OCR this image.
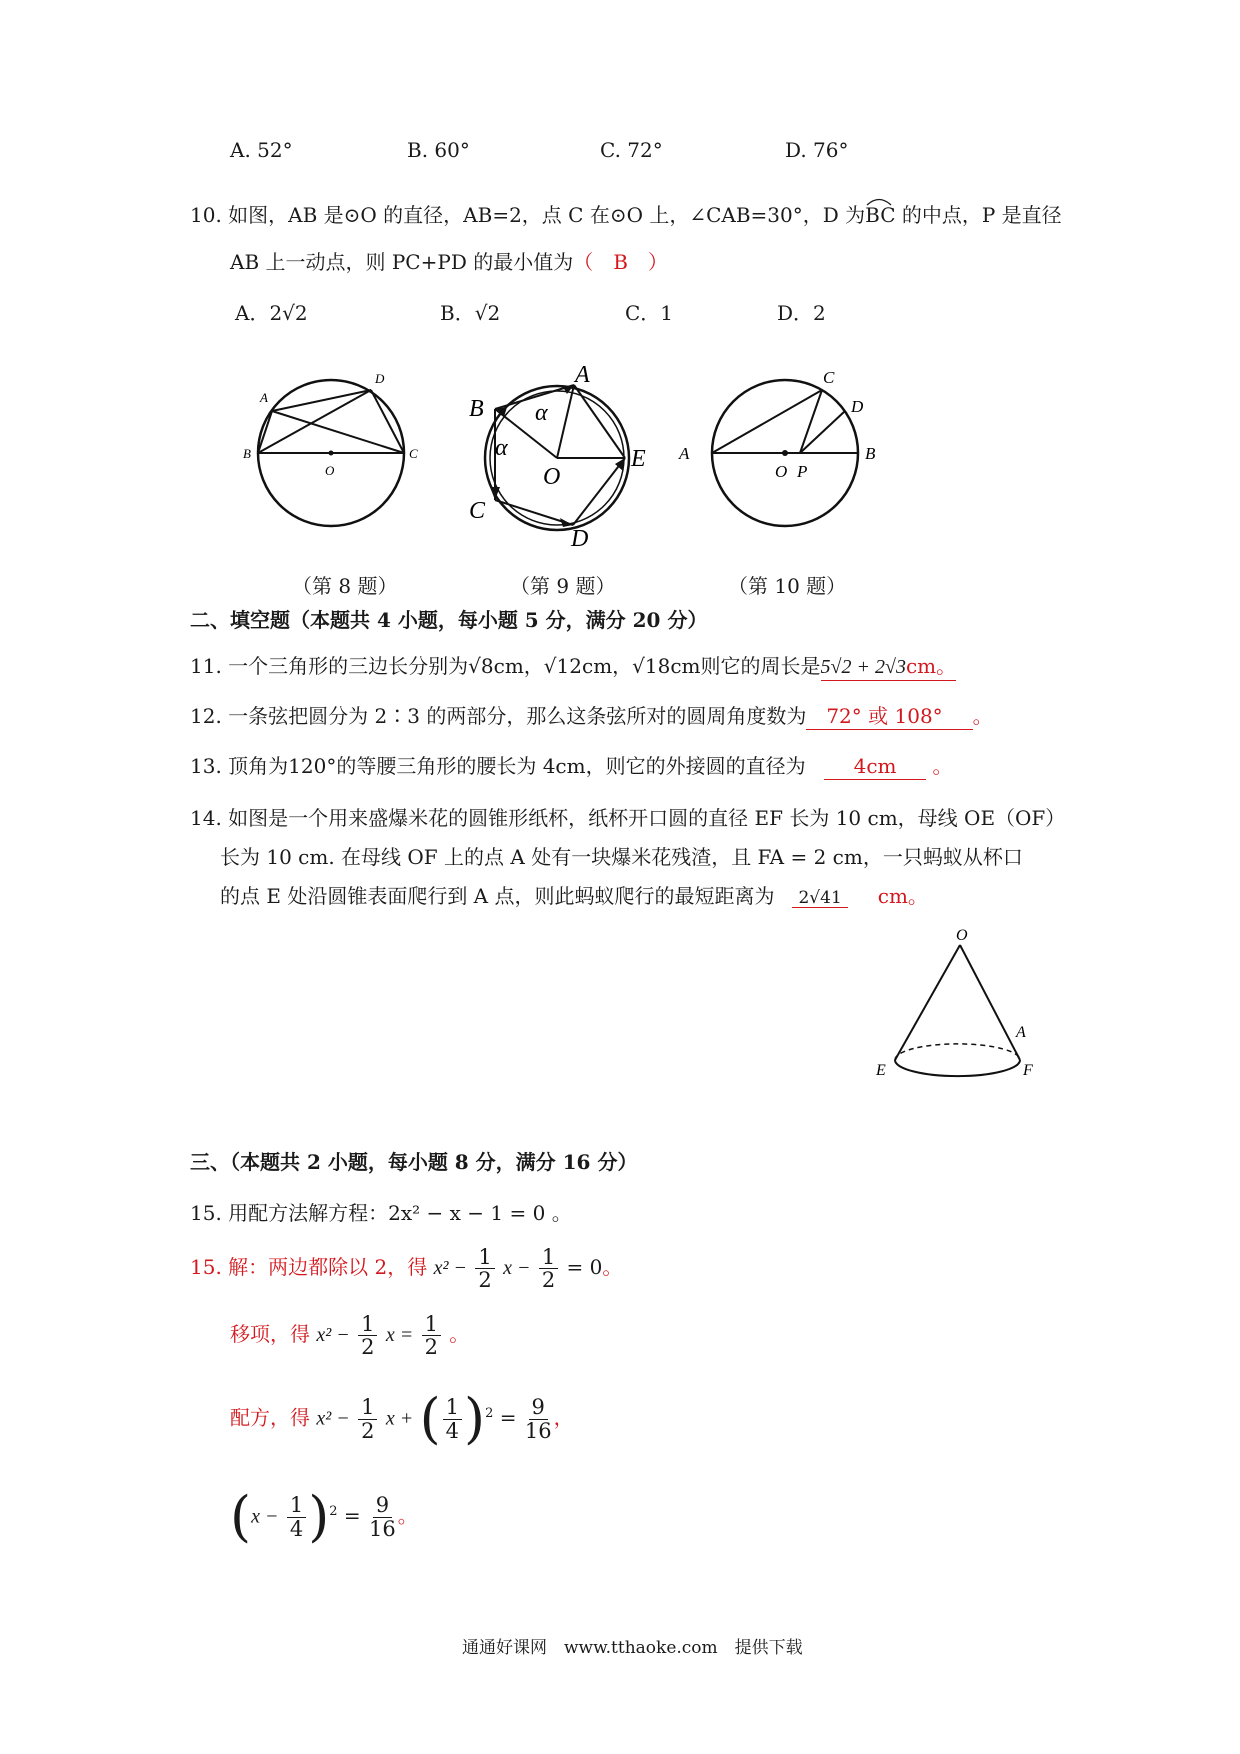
A. 52°	B. 60°	C. 72°	D. 76°
10. 如图，AB 是⊙O 的直径，AB=2，点 C 在⊙O 上，∠CAB=30°，D 为
BC 的中点，P 是直径
AB 上一动点，则 PC+PD 的最小值为（　B　）
A．2√2	B．√2	C．1	D．2
A
D
B	C
O
A
B α
α
O
E
C
D
C
D
A
O P
B
（第 8 题）	（第 9 题）	（第 10 题）
二、填空题（本题共 4 小题，每小题 5 分，满分 20 分）
11. 一个三角形的三边长分别为√8cm，√12cm，√18cm则它的周长是5√2 + 2√3cm。
12. 一条弦把圆分为 2∶3 的两部分，那么这条弦所对的圆周角度数为 72° 或 108° 。
13. 顶角为120°的等腰三角形的腰长为 4cm，则它的外接圆的直径为 4cm 。
14. 如图是一个用来盛爆米花的圆锥形纸杯，纸杯开口圆的直径 EF 长为 10 cm，母线 OE（OF）
长为 10 cm. 在母线 OF 上的点 A 处有一块爆米花残渣，且 FA = 2 cm，一只蚂蚁从杯口
的点 E 处沿圆锥表面爬行到 A 点，则此蚂蚁爬行的最短距离为 2√41 cm。
O
A
E	F
三、（本题共 2 小题，每小题 8 分，满分 16 分）
15. 用配方法解方程：2x² − x − 1 = 0 。
15. 解：两边都除以 2，得 $x^2 - \frac{1}{2}$ $x - \frac{1}{2} = 0$。
移项，得 $x^2 - \frac{1}{2}$ $x = \frac{1}{2}$ 。
配方，得 $x^2 - \frac{1}{2}$ x + ( $\frac{1}{4} )^2 = \frac{9}{16}$ ，
$(x - \frac{1}{4} )^2 = \frac{9}{16}$ 。
通通好课网　www.tthaoke.com　提供下载
